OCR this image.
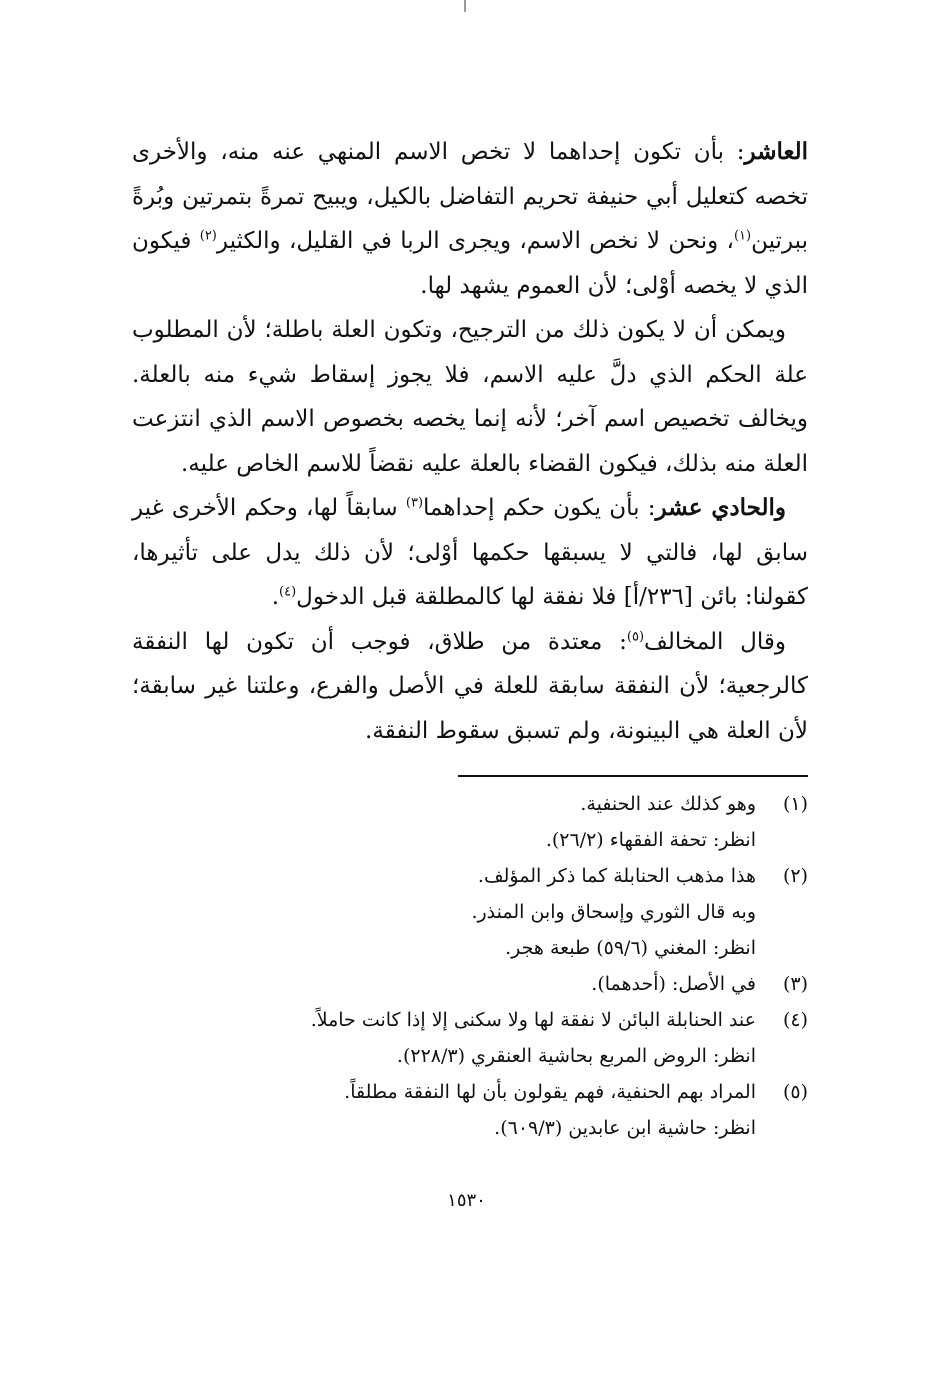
العاشر: بأن تكون إحداهما لا تخص الاسم المنهي عنه منه، والأخرى تخصه كتعليل أبي حنيفة تحريم التفاضل بالكيل، ويبيح تمرةً بتمرتين وبُرةً ببرتين$^{(١)}$، ونحن لا نخص الاسم، ويجرى الربا في القليل، والكثير$^{(٢)}$ فيكون الذي لا يخصه أوْلى؛ لأن العموم يشهد لها.

ويمكن أن لا يكون ذلك من الترجيح، وتكون العلة باطلة؛ لأن المطلوب علة الحكم الذي دلَّ عليه الاسم، فلا يجوز إسقاط شيء منه بالعلة. ويخالف تخصيص اسم آخر؛ لأنه إنما يخصه بخصوص الاسم الذي انتزعت العلة منه بذلك، فيكون القضاء بالعلة عليه نقضاً للاسم الخاص عليه.

والحادي عشر: بأن يكون حكم إحداهما$^{(٣)}$ سابقاً لها، وحكم الأخرى غير سابق لها، فالتي لا يسبقها حكمها أوْلى؛ لأن ذلك يدل على تأثيرها، كقولنا: بائن [٢٣٦/أ] فلا نفقة لها كالمطلقة قبل الدخول$^{(٤)}$.

وقال المخالف$^{(٥)}$: معتدة من طلاق، فوجب أن تكون لها النفقة كالرجعية؛ لأن النفقة سابقة للعلة في الأصل والفرع، وعلتنا غير سابقة؛ لأن العلة هي البينونة، ولم تسبق سقوط النفقة.

(١)
وهو كذلك عند الحنفية.
انظر: تحفة الفقهاء (٢٦/٢).
(٢)
هذا مذهب الحنابلة كما ذكر المؤلف.
وبه قال الثوري وإسحاق وابن المنذر.
انظر: المغني (٥٩/٦) طبعة هجر.
(٣)
في الأصل: (أحدهما).
(٤)
عند الحنابلة البائن لا نفقة لها ولا سكنى إلا إذا كانت حاملاً.
انظر: الروض المربع بحاشية العنقري (٢٢٨/٣).
(٥)
المراد بهم الحنفية، فهم يقولون بأن لها النفقة مطلقاً.
انظر: حاشية ابن عابدين (٦٠٩/٣).
١٥٣٠
